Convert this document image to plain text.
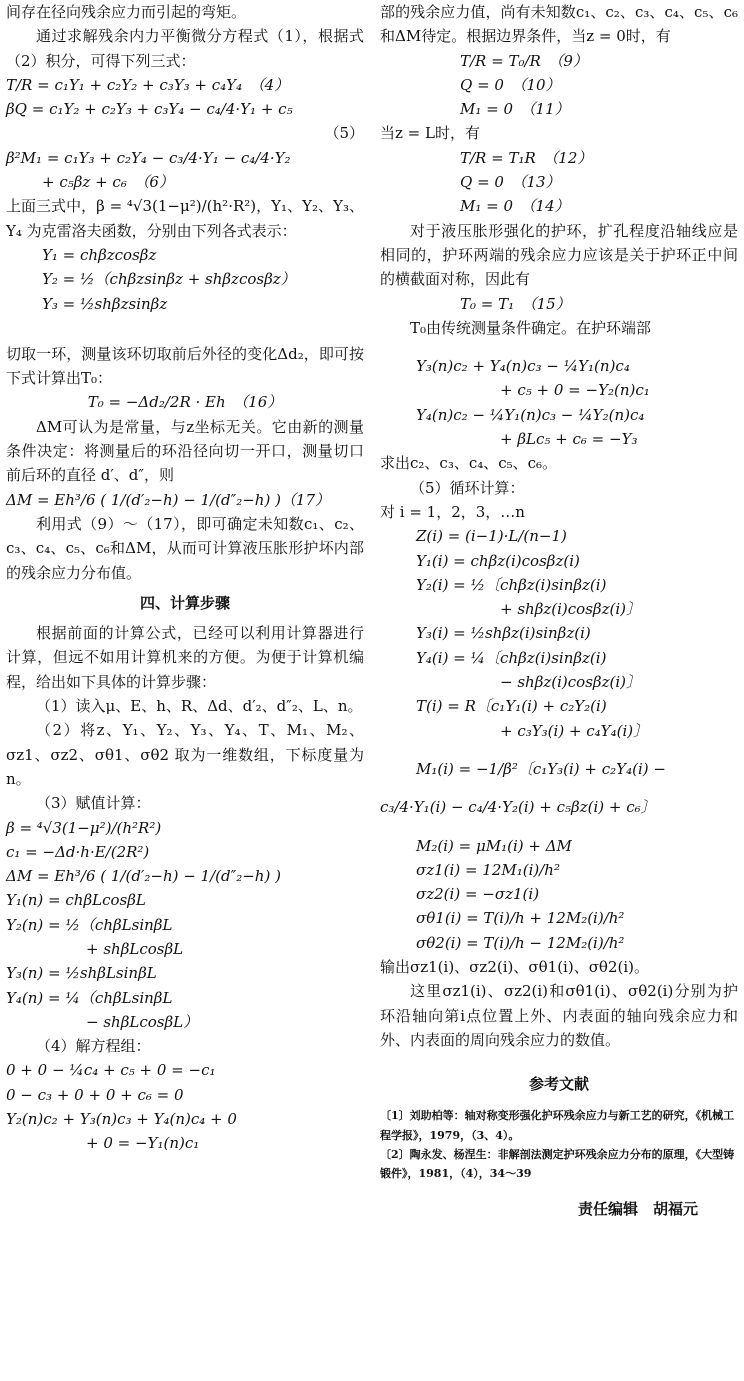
间存在径向残余应力而引起的弯矩。

通过求解残余内力平衡微分方程式（1），根据式（2）积分，可得下列三式：

T/R = c₁Y₁ + c₂Y₂ + c₃Y₃ + c₄Y₄　（4）

βQ = c₁Y₂ + c₂Y₃ + c₃Y₄ − c₄/4·Y₁ + c₅

（5）

β²M₁ = c₁Y₃ + c₂Y₄ − c₃/4·Y₁ − c₄/4·Y₂

+ c₅βz + c₆　（6）

上面三式中，β = ⁴√3(1−μ²)/(h²·R²)，Y₁、Y₂、Y₃、Y₄ 为克雷洛夫函数，分别由下列各式表示：

Y₁ = chβzcosβz

Y₂ = ½（chβzsinβz + shβzcosβz）

Y₃ = ½shβzsinβz

切取一环，测量该环切取前后外径的变化Δd₂，即可按下式计算出T₀：

T₀ = −Δd₂/2R · Eh　（16）

ΔM可认为是常量，与z坐标无关。它由新的测量条件决定：将测量后的环沿径向切一开口，测量切口前后环的直径 d′、d″，则

ΔM = Eh³/6 ( 1/(d′₂−h) − 1/(d″₂−h) )（17）

利用式（9）～（17），即可确定未知数c₁、c₂、c₃、c₄、c₅、c₆和ΔM，从而可计算液压胀形护坏内部的残余应力分布值。

四、计算步骤

根据前面的计算公式，已经可以利用计算器进行计算，但远不如用计算机来的方便。为便于计算机编程，给出如下具体的计算步骤：

（1）读入μ、E、h、R、Δd、d′₂、d″₂、L、n。

（2）将z、Y₁、Y₂、Y₃、Y₄、T、M₁、M₂、σz1、σz2、σθ1、σθ2 取为一维数组，下标度量为n。

（3）赋值计算：

β = ⁴√3(1−μ²)/(h²R²)

c₁ = −Δd·h·E/(2R²)

ΔM = Eh³/6 ( 1/(d′₂−h) − 1/(d″₂−h) )

Y₁(n) = chβLcosβL

Y₂(n) = ½（chβLsinβL

+ shβLcosβL

Y₃(n) = ½shβLsinβL

Y₄(n) = ¼（chβLsinβL

− shβLcosβL）

（4）解方程组：

0 + 0 − ¼c₄ + c₅ + 0 = −c₁

0 − c₃ + 0 + 0 + c₆ = 0

Y₂(n)c₂ + Y₃(n)c₃ + Y₄(n)c₄ + 0

+ 0 = −Y₁(n)c₁

部的残余应力值，尚有未知数c₁、c₂、c₃、c₄、c₅、c₆和ΔM待定。根据边界条件，当z = 0时，有

T/R = T₀/R　（9）

Q = 0　（10）

M₁ = 0　（11）

当z = L时，有

T/R = T₁R　（12）

Q = 0　（13）

M₁ = 0　（14）

对于液压胀形强化的护环，扩孔程度沿轴线应是相同的，护环两端的残余应力应该是关于护环正中间的横截面对称，因此有

T₀ = T₁　（15）

T₀由传统测量条件确定。在护环端部

Y₃(n)c₂ + Y₄(n)c₃ − ¼Y₁(n)c₄

+ c₅ + 0 = −Y₂(n)c₁

Y₄(n)c₂ − ¼Y₁(n)c₃ − ¼Y₂(n)c₄

+ βLc₅ + c₆ = −Y₃

求出c₂、c₃、c₄、c₅、c₆。

（5）循环计算：

对 i = 1，2，3，…n

Z(i) = (i−1)·L/(n−1)

Y₁(i) = chβz(i)cosβz(i)

Y₂(i) = ½〔chβz(i)sinβz(i)

+ shβz(i)cosβz(i)〕

Y₃(i) = ½shβz(i)sinβz(i)

Y₄(i) = ¼〔chβz(i)sinβz(i)

− shβz(i)cosβz(i)〕

T(i) = R〔c₁Y₁(i) + c₂Y₂(i)

+ c₃Y₃(i) + c₄Y₄(i)〕

M₁(i) = −1/β²〔c₁Y₃(i) + c₂Y₄(i) −

c₃/4·Y₁(i) − c₄/4·Y₂(i) + c₅βz(i) + c₆〕

M₂(i) = μM₁(i) + ΔM

σz1(i) = 12M₁(i)/h²

σz2(i) = −σz1(i)

σθ1(i) = T(i)/h + 12M₂(i)/h²

σθ2(i) = T(i)/h − 12M₂(i)/h²

输出σz1(i)、σz2(i)、σθ1(i)、σθ2(i)。

这里σz1(i)、σz2(i)和σθ1(i)、σθ2(i)分别为护环沿轴向第i点位置上外、内表面的轴向残余应力和外、内表面的周向残余应力的数值。

参考文献

〔1〕刘助柏等：轴对称变形强化护环残余应力与新工艺的研究，《机械工程学报》，1979，（3、4）。

〔2〕陶永发、杨涅生：非解剖法测定护环残余应力分布的原理，《大型铸锻件》，1981，（4），34～39

责任编辑　胡福元
